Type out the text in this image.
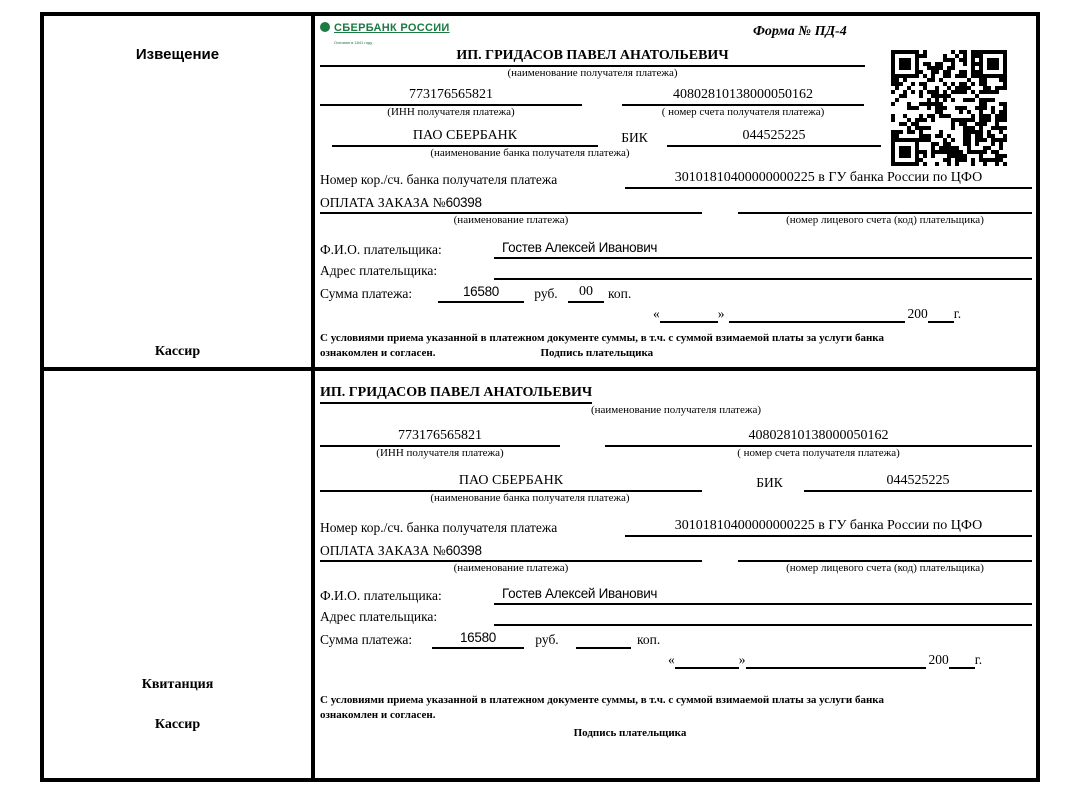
Извещение
Кассир
СБЕРБАНК РОССИИ
Основан в 1841 году
Форма № ПД-4
ИП. ГРИДАСОВ ПАВЕЛ АНАТОЛЬЕВИЧ
(наименование получателя платежа)
773176565821	40802810138000050162
(ИНН получателя платежа)	( номер счета получателя платежа)
ПАО СБЕРБАНК	БИК	044525225
(наименование банка получателя платежа)
Номер кор./сч. банка получателя платежа	30101810400000000225 в ГУ банка России по ЦФО
ОПЛАТА ЗАКАЗА №60398
(наименование платежа)	(номер лицевого счета (код) плательщика)
Ф.И.О. плательщика:	Гостев Алексей Иванович
Адрес плательщика:
Сумма платежа:	16580	руб.	00	коп.
«	»	200 г.
С условиями приема указанной в платежном документе суммы, в т.ч. с суммой взимаемой платы за услуги банка
ознакомлен и согласен.	Подпись плательщика
Квитанция
Кассир
ИП. ГРИДАСОВ ПАВЕЛ АНАТОЛЬЕВИЧ
(наименование получателя платежа)
773176565821	40802810138000050162
(ИНН получателя платежа)	( номер счета получателя платежа)
ПАО СБЕРБАНК	БИК	044525225
(наименование банка получателя платежа)
Номер кор./сч. банка получателя платежа	30101810400000000225 в ГУ банка России по ЦФО
ОПЛАТА ЗАКАЗА №60398
(наименование платежа)	(номер лицевого счета (код) плательщика)
Ф.И.О. плательщика:	Гостев Алексей Иванович
Адрес плательщика:
Сумма платежа:	16580	руб.	коп.
«	»	200 г.
С условиями приема указанной в платежном документе суммы, в т.ч. с суммой взимаемой платы за услуги банка
ознакомлен и согласен.
Подпись плательщика
